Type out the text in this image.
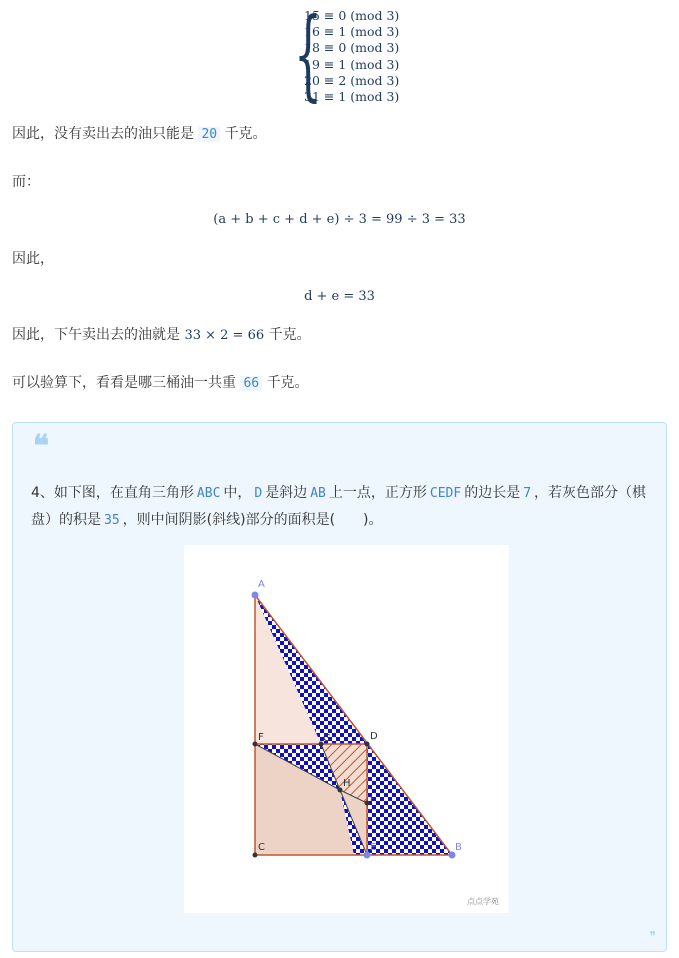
{
15 ≡ 0 (mod 3)
16 ≡ 1 (mod 3)
18 ≡ 0 (mod 3)
19 ≡ 1 (mod 3)
20 ≡ 2 (mod 3)
31 ≡ 1 (mod 3)
因此，没有卖出去的油只能是 20 千克。
而：
(a + b + c + d + e) ÷ 3 = 99 ÷ 3 = 33
因此，
d + e = 33
因此，下午卖出去的油就是 33 × 2 = 66 千克。
可以验算下，看看是哪三桶油一共重 66 千克。
❝
4、如下图，在直角三角形 ABC 中， D 是斜边 AB 上一点，正方形 CEDF 的边长是 7 ，若灰色部分（棋盘）的积是 35 ，则中间阴影(斜线)部分的面积是(　　)。
A
F	G	D
H
I
C	E	B
点点学苑
❞
